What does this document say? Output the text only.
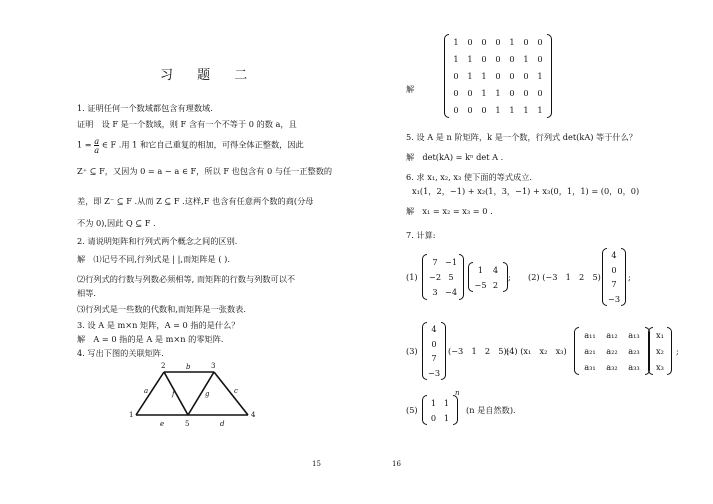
习 题 二
1. 证明任何一个数域都包含有理数域.
证明　设 F 是一个数域，则 F 含有一个不等于 0 的数 a，且
$1 = \frac{a}{a}$ ∈ F .用 1 和它自己重复的相加，可得全体正整数，因此
Z⁺ ⊆ F，又因为 0 = a − a ∈ F，所以 F 也包含有 0 与任一正整数的
差，即 Z⁻ ⊆ F .从而 Z ⊆ F .这样,F 也含有任意两个数的商(分母
不为 0),因此 Q ⊆ F .
2. 请说明矩阵和行列式两个概念之间的区别.
解　⑴记号不同,行列式是 | |,而矩阵是 ( ).
⑵行列式的行数与列数必须相等, 而矩阵的行数与列数可以不
相等.
⑶行列式是一些数的代数和,而矩阵是一张数表.
3. 设 A 是 m×n 矩阵，A = 0 指的是什么？
解　A = 0 指的是 A 是 m×n 的零矩阵.
4. 写出下图的关联矩阵.
1
2	3
4
5
a
b
c
d
e
f	g
15
解
1	0	0	0	1	0	0
1	1	0	0	0	1	0
0	1	1	0	0	0	1
0	0	1	1	0	0	0
0	0	0	1	1	1	1
5. 设 A 是 n 阶矩阵，k 是一个数，行列式 det(kA) 等于什么？
解　det(kA) = kⁿ det A .
6. 求 x₁, x₂, x₃ 使下面的等式成立.
x₁(1，2，−1) + x₂(1，3，−1) + x₃(0，1，1) = (0，0，0)
解　x₁ = x₂ = x₃ = 0 .
7. 计算:
(1)
7 −1
−2 5
3 −4
1	4
−5 2
; (2) (−3　1　2　5)
4
0
7
−3
;
(3)
4
0
7
−3
(−3　1　2　5);
(4) (x₁　x₂　x₃)
a₁₁	a₁₂	a₁₃
a₂₁	a₂₂	a₂₃
a₃₁	a₃₂	a₃₃
x₁
x₂
x₃
;
(5)
1 1
0 1
n
(n 是自然数).
16
